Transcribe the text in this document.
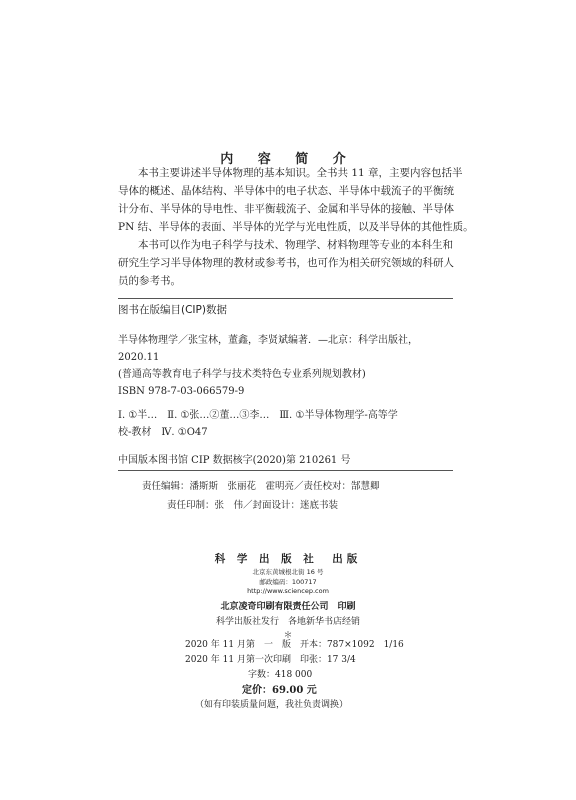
内 容 简 介
本书主要讲述半导体物理的基本知识。全书共 11 章，主要内容包括半
导体的概述、晶体结构、半导体中的电子状态、半导体中载流子的平衡统
计分布、半导体的导电性、非平衡载流子、金属和半导体的接触、半导体
PN 结、半导体的表面、半导体的光学与光电性质，以及半导体的其他性质。
本书可以作为电子科学与技术、物理学、材料物理等专业的本科生和
研究生学习半导体物理的教材或参考书，也可作为相关研究领域的科研人
员的参考书。
图书在版编目(CIP)数据
半导体物理学／张宝林，董鑫，李贤斌编著．—北京：科学出版社，
2020.11
(普通高等教育电子科学与技术类特色专业系列规划教材)
ISBN 978-7-03-066579-9
Ⅰ. ①半…　Ⅱ. ①张…②董…③李…　Ⅲ. ①半导体物理学-高等学
校-教材　Ⅳ. ①O47
中国版本图书馆 CIP 数据核字(2020)第 210261 号
责任编辑：潘斯斯　张丽花　霍明亮／责任校对：郜慧卿
责任印制：张　伟／封面设计：迷底书装
科 学 出 版 社　出版
北京东黄城根北街 16 号
邮政编码：100717
http://www.sciencep.com
北京凌奇印刷有限责任公司　印刷
科学出版社发行　各地新华书店经销
＊
2020 年 11 月第　一　版　开本：787×1092　1/16
2020 年 11 月第一次印刷　印张：17 3/4
字数：418 000
定价：69.00 元
（如有印装质量问题，我社负责调换）
